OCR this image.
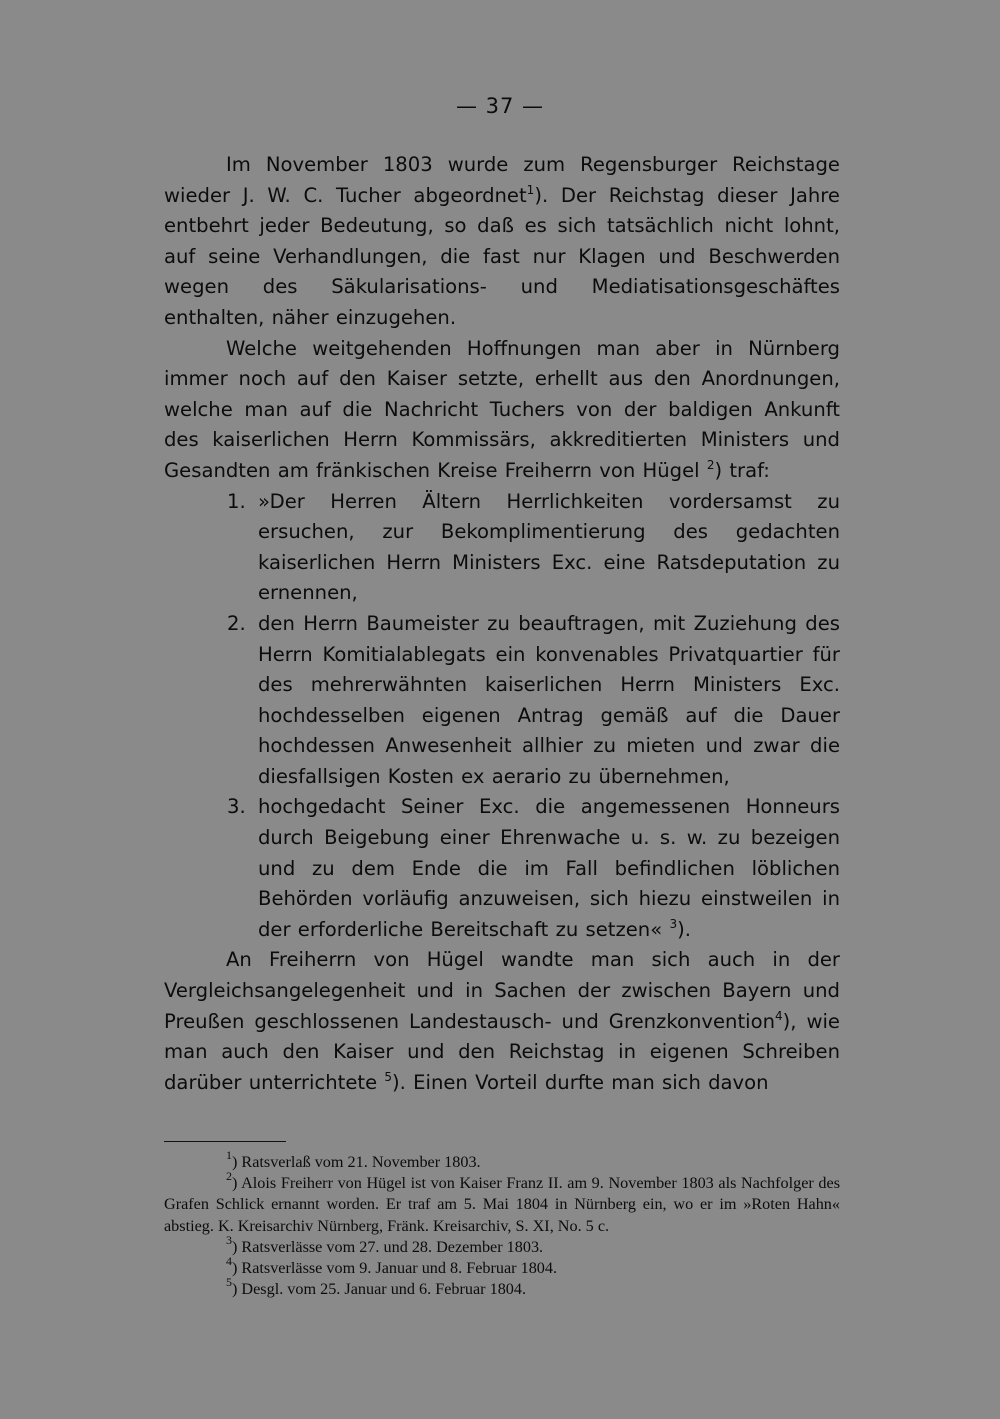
— 37 —

Im November 1803 wurde zum Regensburger Reichstage wieder J. W. C. Tucher abgeordnet$^1$). Der Reichstag dieser Jahre entbehrt jeder Bedeutung, so daß es sich tatsächlich nicht lohnt, auf seine Verhandlungen, die fast nur Klagen und Beschwerden wegen des Säkularisations- und Mediatisationsgeschäftes enthalten, näher einzugehen.

Welche weitgehenden Hoffnungen man aber in Nürnberg immer noch auf den Kaiser setzte, erhellt aus den Anordnungen, welche man auf die Nachricht Tuchers von der baldigen Ankunft des kaiserlichen Herrn Kommissärs, akkreditierten Ministers und Gesandten am fränkischen Kreise Freiherrn von Hügel $^2$) traf:

1. »Der Herren Ältern Herrlichkeiten vordersamst zu ersuchen, zur Bekomplimentierung des gedachten kaiserlichen Herrn Ministers Exc. eine Ratsdeputation zu ernennen,
2. den Herrn Baumeister zu beauftragen, mit Zuziehung des Herrn Komitialablegats ein konvenables Privatquartier für des mehrerwähnten kaiserlichen Herrn Ministers Exc. hochdesselben eigenen Antrag gemäß auf die Dauer hochdessen Anwesenheit allhier zu mieten und zwar die diesfallsigen Kosten ex aerario zu übernehmen,
3. hochgedacht Seiner Exc. die angemessenen Honneurs durch Beigebung einer Ehrenwache u. s. w. zu bezeigen und zu dem Ende die im Fall befindlichen löblichen Behörden vorläufig anzuweisen, sich hiezu einstweilen in der erforderliche Bereitschaft zu setzen« $^3$).

An Freiherrn von Hügel wandte man sich auch in der Vergleichsangelegenheit und in Sachen der zwischen Bayern und Preußen geschlossenen Landestausch- und Grenzkonvention$^4$), wie man auch den Kaiser und den Reichstag in eigenen Schreiben darüber unterrichtete $^5$). Einen Vorteil durfte man sich davon

$^1$) Ratsverlaß vom 21. November 1803.

$^2$) Alois Freiherr von Hügel ist von Kaiser Franz II. am 9. November 1803 als Nachfolger des Grafen Schlick ernannt worden. Er traf am 5. Mai 1804 in Nürnberg ein, wo er im »Roten Hahn« abstieg. K. Kreisarchiv Nürnberg, Fränk. Kreisarchiv, S. XI, No. 5 c.

$^3$) Ratsverlässe vom 27. und 28. Dezember 1803.

$^4$) Ratsverlässe vom 9. Januar und 8. Februar 1804.

$^5$) Desgl. vom 25. Januar und 6. Februar 1804.
